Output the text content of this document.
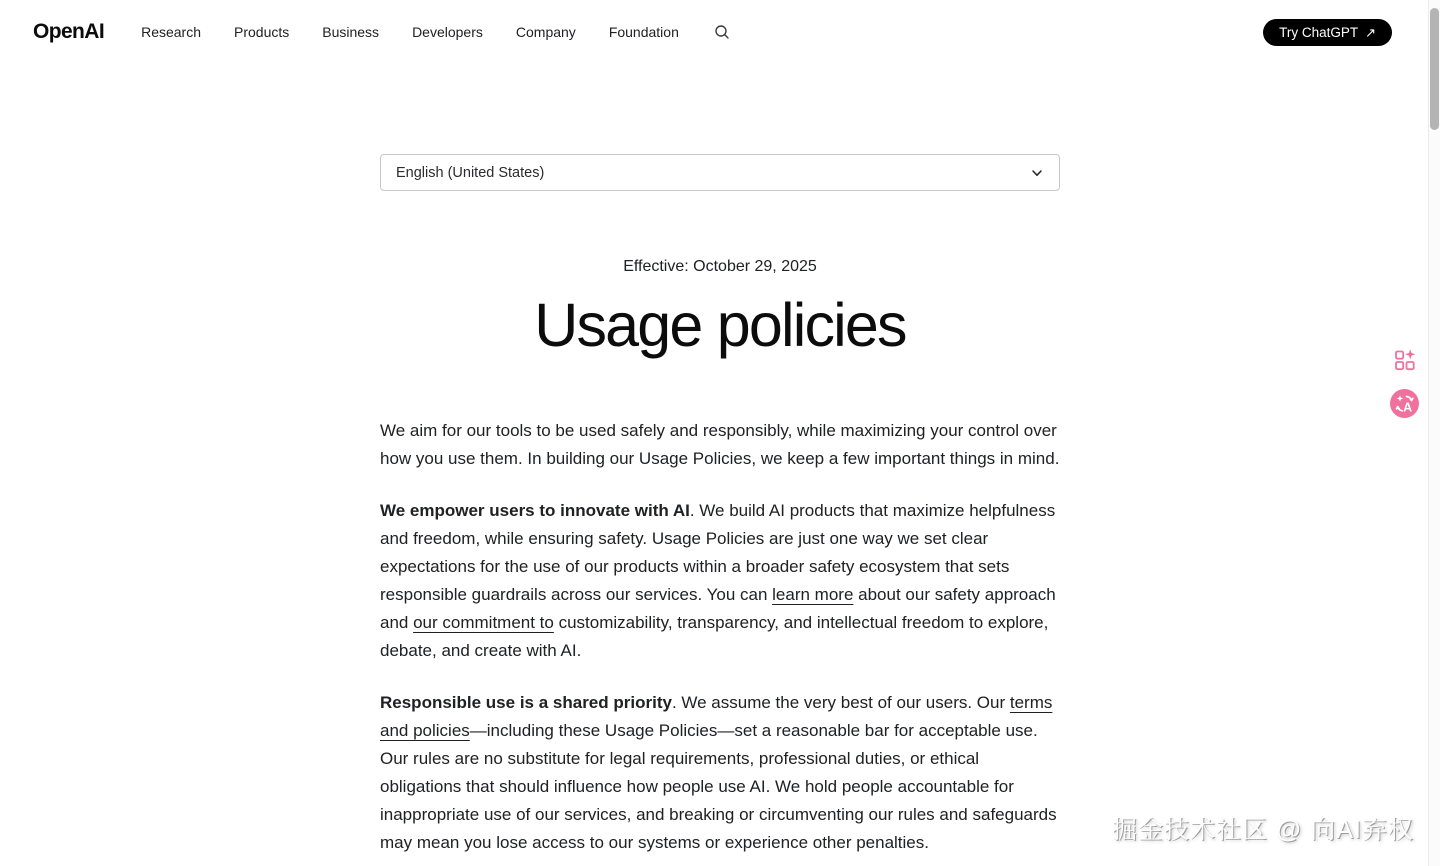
OpenAI	Research Products Business Developers Company Foundation	Try ChatGPT ↗
English (United States)

Effective: October 29, 2025

Usage policies

We aim for our tools to be used safely and responsibly, while maximizing your control over how you use them. In building our Usage Policies, we keep a few important things in mind.

We empower users to innovate with AI. We build AI products that maximize helpfulness and freedom, while ensuring safety. Usage Policies are just one way we set clear expectations for the use of our products within a broader safety ecosystem that sets responsible guardrails across our services. You can learn more about our safety approach and our commitment to customizability, transparency, and intellectual freedom to explore, debate, and create with AI.

Responsible use is a shared priority. We assume the very best of our users. Our terms and policies—including these Usage Policies—set a reasonable bar for acceptable use. Our rules are no substitute for legal requirements, professional duties, or ethical obligations that should influence how people use AI. We hold people accountable for inappropriate use of our services, and breaking or circumventing our rules and safeguards may mean you lose access to our systems or experience other penalties.

A
掘金技术社区 @ 向AI弃权
